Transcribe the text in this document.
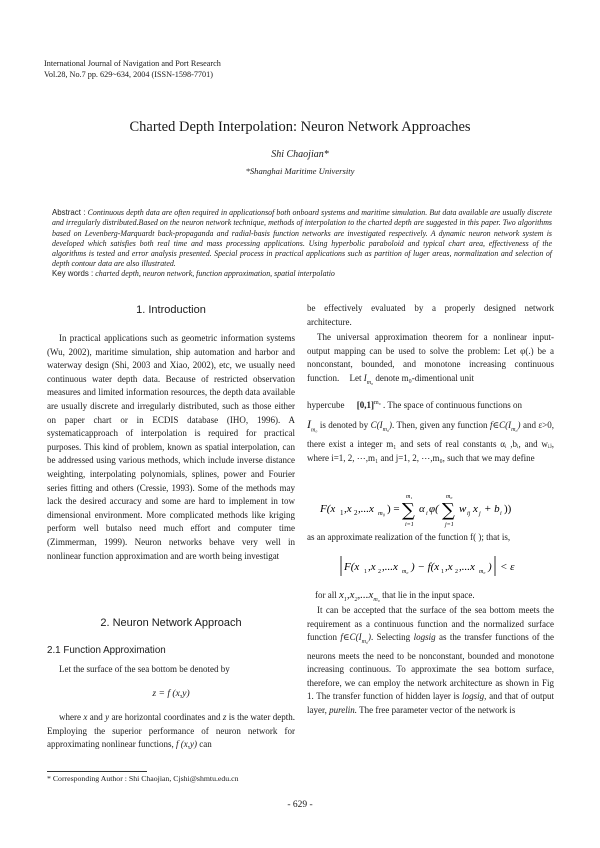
International Journal of Navigation and Port Research
Vol.28, No.7 pp. 629~634, 2004 (ISSN-1598-7701)
Charted Depth Interpolation: Neuron Network Approaches
Shi Chaojian*
*Shanghai Maritime University
Abstract : Continuous depth data are often required in applicationsof both onboard systems and maritime simulation. But data available are usually discrete and irregularly distributed.Based on the neuron network technique, methods of interpolation to the charted depth are suggested in this paper. Two algorithms based on Levenberg-Marquardt back-propaganda and radial-basis function networks are investigated respectively. A dynamic neuron network system is developed which satisfies both real time and mass processing applications. Using hyperbolic paraboloid and typical chart area, effectiveness of the algorithms is tested and error analysis presented. Special process in practical applications such as partition of luger areas, normalization and selection of depth contour data are also illustrated.
Key words : charted depth, neuron network, function approximation, spatial interpolatio
1. Introduction

In practical applications such as geometric information systems (Wu, 2002), maritime simulation, ship automation and harbor and waterway design (Shi, 2003 and Xiao, 2002), etc, we usually need continuous water depth data. Because of restricted observation measures and limited information resources, the depth data available are usually discrete and irregularly distributed, such as those either on paper chart or in ECDIS database (IHO, 1996). A systematicapproach of interpolation is required for practical purposes. This kind of problem, known as spatial interpolation, can be addressed using various methods, which include inverse distance weighting, interpolating polynomials, splines, power and Fourier series fitting and others (Cressie, 1993). Some of the methods may lack the desired accuracy and some are hard to implement in tow dimensional environment. More complicated methods like kriging perform well butalso need much effort and computer time (Zimmerman, 1999). Neuron networks behave very well in nonlinear function approximation and are worth being investigat

2. Neuron Network Approach
2.1 Function Approximation

Let the surface of the sea bottom be denoted by

z = f (x,y)

where x and y are horizontal coordinates and z is the water depth. Employing the superior performance of neuron network for approximating nonlinear functions, f (x,y) can

be effectively evaluated by a properly designed network architecture.

The universal approximation theorem for a nonlinear input-output mapping can be used to solve the problem: Let φ(.) be a nonconstant, bounded, and monotone increasing continuous function. Let $I_{m_0}$ denote m₀-dimentional unit

hypercube $[0,1]^{m_0}$ . The space of continuous functions on

$I_{m_0}$ is denoted by $C(I_{m_0})$. Then, given any function $f\in C(I_{m_0})$ and ε>0, there exist a integer m₁ and sets of real constants αᵢ ,bᵢ, and wᵢⱼ, where i=1, 2, ⋯,m₁ and j=1, 2, ⋯,m₀, such that we may define

F(x 1 ,x 2 ,...x m₀ ) =
m₁
∑
i=1
α i φ(
m₀
∑
j=1
w ij x j + b i ))

as an approximate realization of the function f( ); that is,

F(x 1 ,x 2 ,...x m₀ ) − f(x 1 ,x 2 ,...x m₀ ) < ε

for all $x_1,x_2,...x_{m_0}$ that lie in the input space.

It can be accepted that the surface of the sea bottom meets the requirement as a continuous function and the normalized surface function $f\in C(I_{m_0})$. Selecting logsig as the transfer functions of the neurons meets the need to be nonconstant, bounded and monotone increasing continuous. To approximate the sea bottom surface, therefore, we can employ the network architecture as shown in Fig 1. The transfer function of hidden layer is logsig, and that of output layer, purelin. The free parameter vector of the network is

* Corresponding Author : Shi Chaojian, Cjshi@shmtu.edu.cn
- 629 -
